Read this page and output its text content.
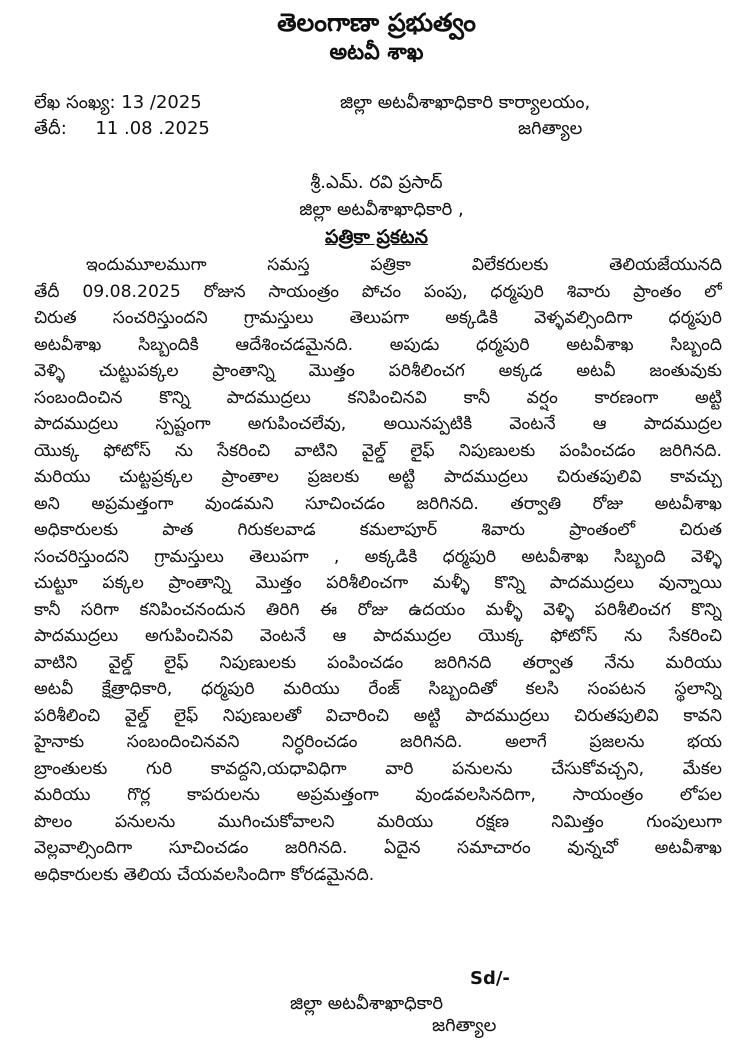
తెలంగాణా ప్రభుత్వం
అటవీ శాఖ
లేఖ సంఖ్య: 13 /2025
తేదీ:     11 .08 .2025
జిల్లా అటవీశాఖాధికారి కార్యాలయం,
జగిత్యాల
శ్రీ.ఎమ్. రవి ప్రసాద్
జిల్లా అటవీశాఖాధికారి ,
పత్రికా ప్రకటన
ఇందుమూలముగా సమస్త పత్రికా విలేకరులకు తెలియజేయునది
తేదీ 09.08.2025 రోజున సాయంత్రం పోచం పంపు, ధర్మపురి శివారు ప్రాంతం లో
చిరుత సంచరిస్తుందని గ్రామస్తులు తెలుపగా అక్కడికి వెళ్ళవల్సిందిగా ధర్మపురి
అటవీశాఖ సిబ్బందికి ఆదేశించడమైనది. అపుడు ధర్మపురి అటవీశాఖ సిబ్బంది
వెళ్ళి చుట్టుపక్కల ప్రాంతాన్ని మొత్తం పరిశీలించగ అక్కడ అటవీ జంతువుకు
సంబందించిన కొన్ని పాదముద్రలు కనిపించినవి కానీ వర్షం కారణంగా అట్టి
పాదముద్రలు స్పష్టంగా అగుపించలేవు, అయినప్పటికి వెంటనే ఆ పాదముద్రల
యొక్క ఫోటోస్ ను సేకరించి వాటిని వైల్డ్ లైఫ్ నిపుణులకు పంపించడం జరిగినది.
మరియు చుట్టప్రక్కల ప్రాంతాల ప్రజలకు అట్టి పాదముద్రలు చిరుతపులివి కావచ్చు
అని అప్రమత్తంగా వుండమని సూచించడం జరిగినది. తర్వాతి రోజు అటవీశాఖ
అధికారులకు పాత గిరుకలవాడ కమలాపూర్ శివారు ప్రాంతంలో చిరుత
సంచరిస్తుందని గ్రామస్తులు తెలుపగా , అక్కడికి ధర్మపురి అటవీశాఖ సిబ్బంది వెళ్ళి
చుట్టూ పక్కల ప్రాంతాన్ని మొత్తం పరిశీలించగా మళ్ళీ కొన్ని పాదముద్రలు వున్నాయి
కానీ సరిగా కనిపించనందున తిరిగి ఈ రోజు ఉదయం మళ్ళీ వెళ్ళి పరిశీలించగ కొన్ని
పాదముద్రలు అగుపించినవి వెంటనే ఆ పాదముద్రల యొక్క ఫోటోస్ ను సేకరించి
వాటిని వైల్డ్ లైఫ్ నిపుణులకు పంపించడం జరిగినది తర్వాత నేను మరియు
అటవీ క్షేత్రాధికారి, ధర్మపురి మరియు రేంజ్ సిబ్బందితో కలసి సంపటన స్థలాన్ని
పరిశీలించి వైల్డ్ లైఫ్ నిపుణులతో విచారించి అట్టి పాదముద్రలు చిరుతపులివి కావని
హైనాకు సంబందించినవని నిర్ధరించడం జరిగినది. అలాగే ప్రజలను భయ
బ్రాంతులకు గురి కావద్దని,యధావిధిగా వారి పనులను చేసుకోవచ్చని, మేకల
మరియు గొర్ల కాపరులను అప్రమత్తంగా వుండవలసినదిగా, సాయంత్రం లోపల
పొలం పనులను ముగించుకోవాలని మరియు రక్షణ నిమిత్తం గుంపులుగా
వెల్లవాల్సిందిగా సూచించడం జరిగినది. ఏదైన సమాచారం వున్నచో అటవీశాఖ
అధికారులకు తెలియ చేయవలసిందిగా కోరడమైనది.
Sd/-
జిల్లా అటవీశాఖాధికారి
జగిత్యాల
